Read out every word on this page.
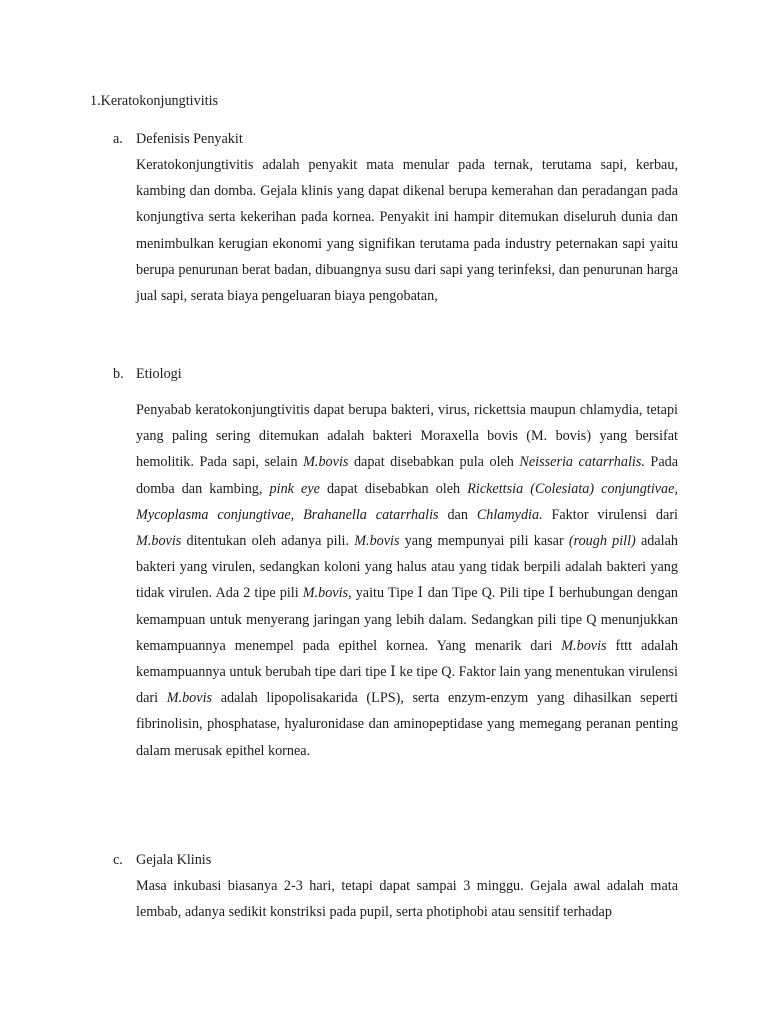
1.Keratokonjungtivitis
a. Defenisis Penyakit
Keratokonjungtivitis adalah penyakit mata menular pada ternak, terutama sapi, kerbau, kambing dan domba. Gejala klinis yang dapat dikenal berupa kemerahan dan peradangan pada konjungtiva serta kekerihan pada kornea. Penyakit ini hampir ditemukan diseluruh dunia dan menimbulkan kerugian ekonomi yang signifikan terutama pada industry peternakan sapi yaitu berupa penurunan berat badan, dibuangnya susu dari sapi yang terinfeksi, dan penurunan harga jual sapi, serata biaya pengeluaran biaya pengobatan,
b. Etiologi
Penyabab keratokonjungtivitis dapat berupa bakteri, virus, rickettsia maupun chlamydia, tetapi yang paling sering ditemukan adalah bakteri Moraxella bovis (M. bovis) yang bersifat hemolitik. Pada sapi, selain M.bovis dapat disebabkan pula oleh Neisseria catarrhalis. Pada domba dan kambing, pink eye dapat disebabkan oleh Rickettsia (Colesiata) conjungtivae, Mycoplasma conjungtivae, Brahanella catarrhalis dan Chlamydia. Faktor virulensi dari M.bovis ditentukan oleh adanya pili. M.bovis yang mempunyai pili kasar (rough pill) adalah bakteri yang virulen, sedangkan koloni yang halus atau yang tidak berpili adalah bakteri yang tidak virulen. Ada 2 tipe pili M.bovis, yaitu Tipe Ⅰ dan Tipe Q. Pili tipe Ⅰ berhubungan dengan kemampuan untuk menyerang jaringan yang lebih dalam. Sedangkan pili tipe Q menunjukkan kemampuannya menempel pada epithel kornea. Yang menarik dari M.bovis fttt adalah kemampuannya untuk berubah tipe dari tipe Ⅰ ke tipe Q. Faktor lain yang menentukan virulensi dari M.bovis adalah lipopolisakarida (LPS), serta enzym-enzym yang dihasilkan seperti fibrinolisin, phosphatase, hyaluronidase dan aminopeptidase yang memegang peranan penting dalam merusak epithel kornea.
c. Gejala Klinis
Masa inkubasi biasanya 2-3 hari, tetapi dapat sampai 3 minggu. Gejala awal adalah mata lembab, adanya sedikit konstriksi pada pupil, serta photiphobi atau sensitif terhadap
